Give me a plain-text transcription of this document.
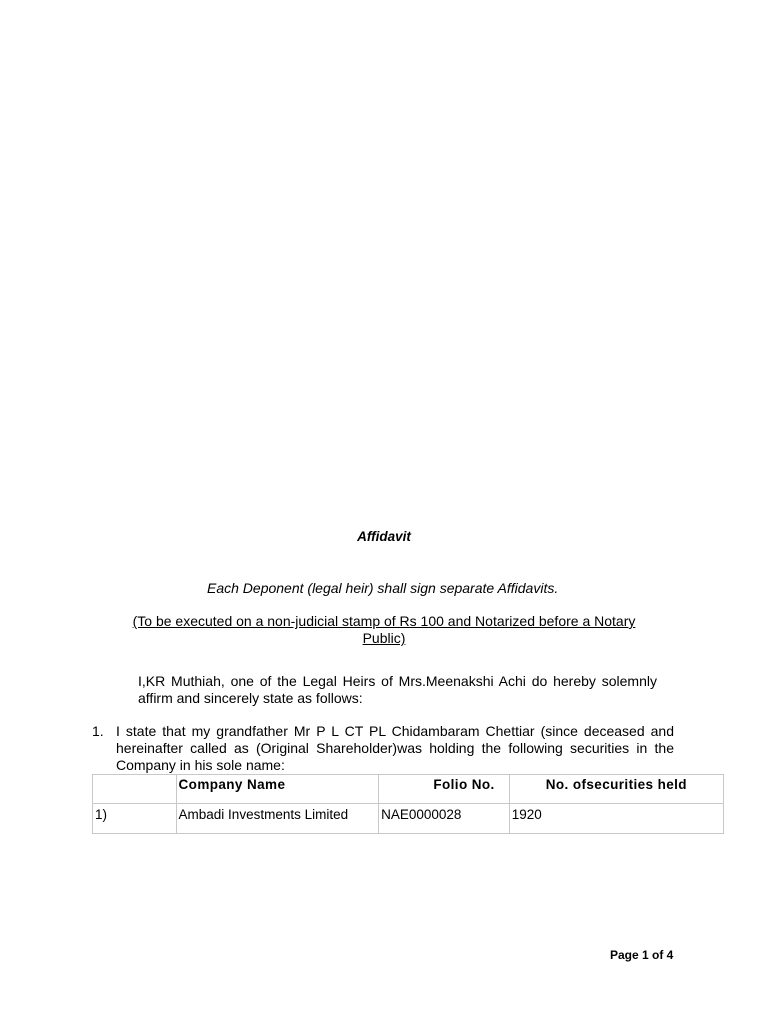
Affidavit
Each Deponent (legal heir) shall sign separate Affidavits.
(To be executed on a non-judicial stamp of Rs 100 and Notarized before a Notary Public)
I,KR Muthiah, one of the Legal Heirs of Mrs.Meenakshi Achi do hereby solemnly affirm and sincerely state as follows:
1. I state that my grandfather Mr P L CT PL Chidambaram Chettiar (since deceased and hereinafter called as (Original Shareholder)was holding the following securities in the Company in his sole name:
	Company Name	Folio No.	No. ofsecurities held
1)	Ambadi Investments Limited	NAE0000028	1920
Page 1 of 4
